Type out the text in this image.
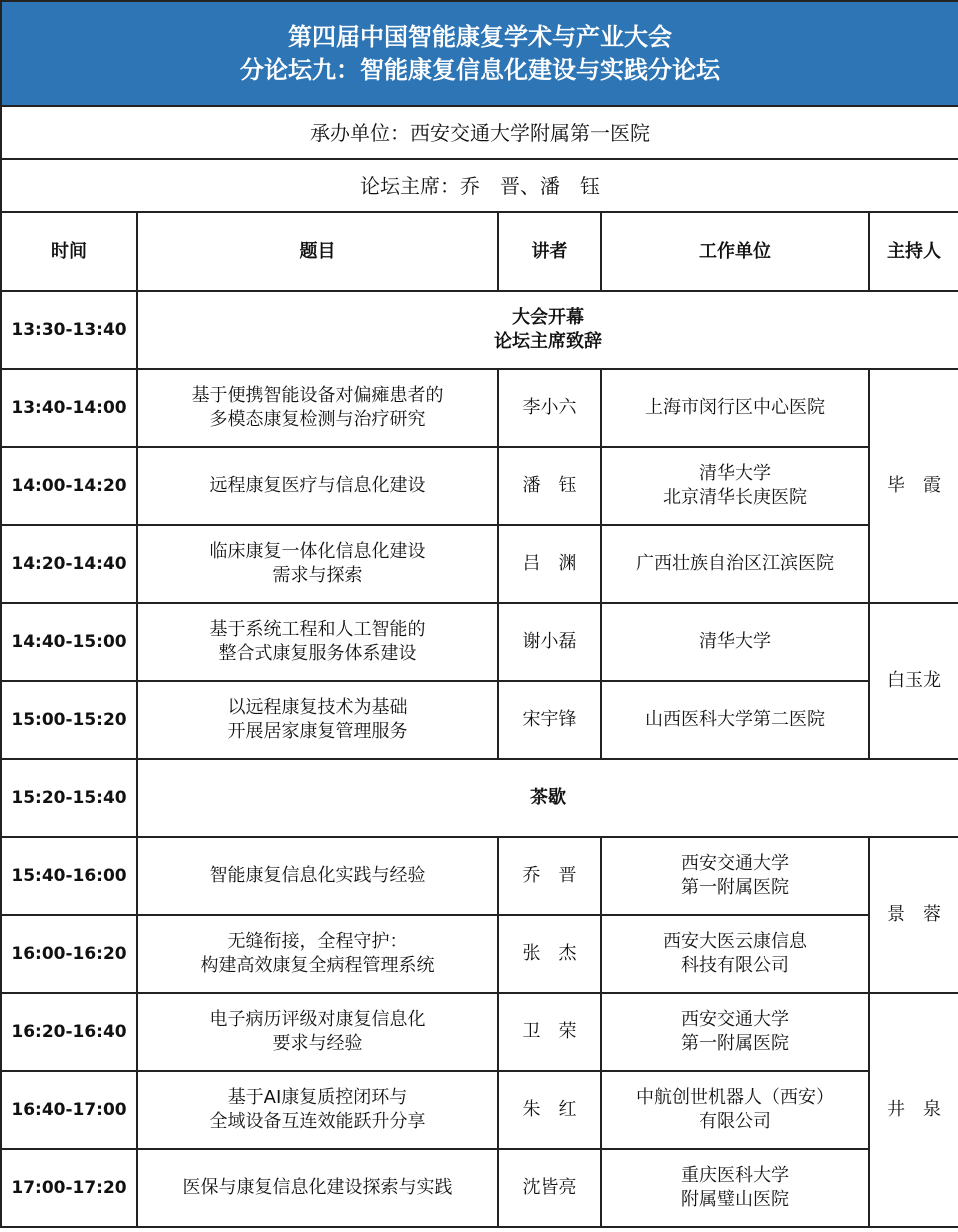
第四届中国智能康复学术与产业大会
分论坛九：智能康复信息化建设与实践分论坛				

承办单位：西安交通大学附属第一医院				
论坛主席：乔　晋、潘　钰				
时间	题目	讲者	工作单位	主持人

13:30-13:40	大会开幕
论坛主席致辞			

13:40-14:00	基于便携智能设备对偏瘫患者的
多模态康复检测与治疗研究	李小六	上海市闵行区中心医院	毕　霞

14:00-14:20	远程康复医疗与信息化建设	潘　钰	清华大学
北京清华长庚医院	

14:20-14:40	临床康复一体化信息化建设
需求与探索	吕　渊	广西壮族自治区江滨医院	

14:40-15:00	基于系统工程和人工智能的
整合式康复服务体系建设	谢小磊	清华大学	白玉龙

15:00-15:20	以远程康复技术为基础
开展居家康复管理服务	宋宇锋	山西医科大学第二医院	

15:20-15:40	茶歇			

15:40-16:00	智能康复信息化实践与经验	乔　晋	西安交通大学
第一附属医院	景　蓉

16:00-16:20	无缝衔接，全程守护：
构建高效康复全病程管理系统	张　杰	西安大医云康信息
科技有限公司	

16:20-16:40	电子病历评级对康复信息化
要求与经验	卫　荣	西安交通大学
第一附属医院	井　泉

16:40-17:00	基于AI康复质控闭环与
全域设备互连效能跃升分享	朱　红	中航创世机器人（西安）
有限公司	

17:00-17:20	医保与康复信息化建设探索与实践	沈皆亮	重庆医科大学
附属璧山医院	
